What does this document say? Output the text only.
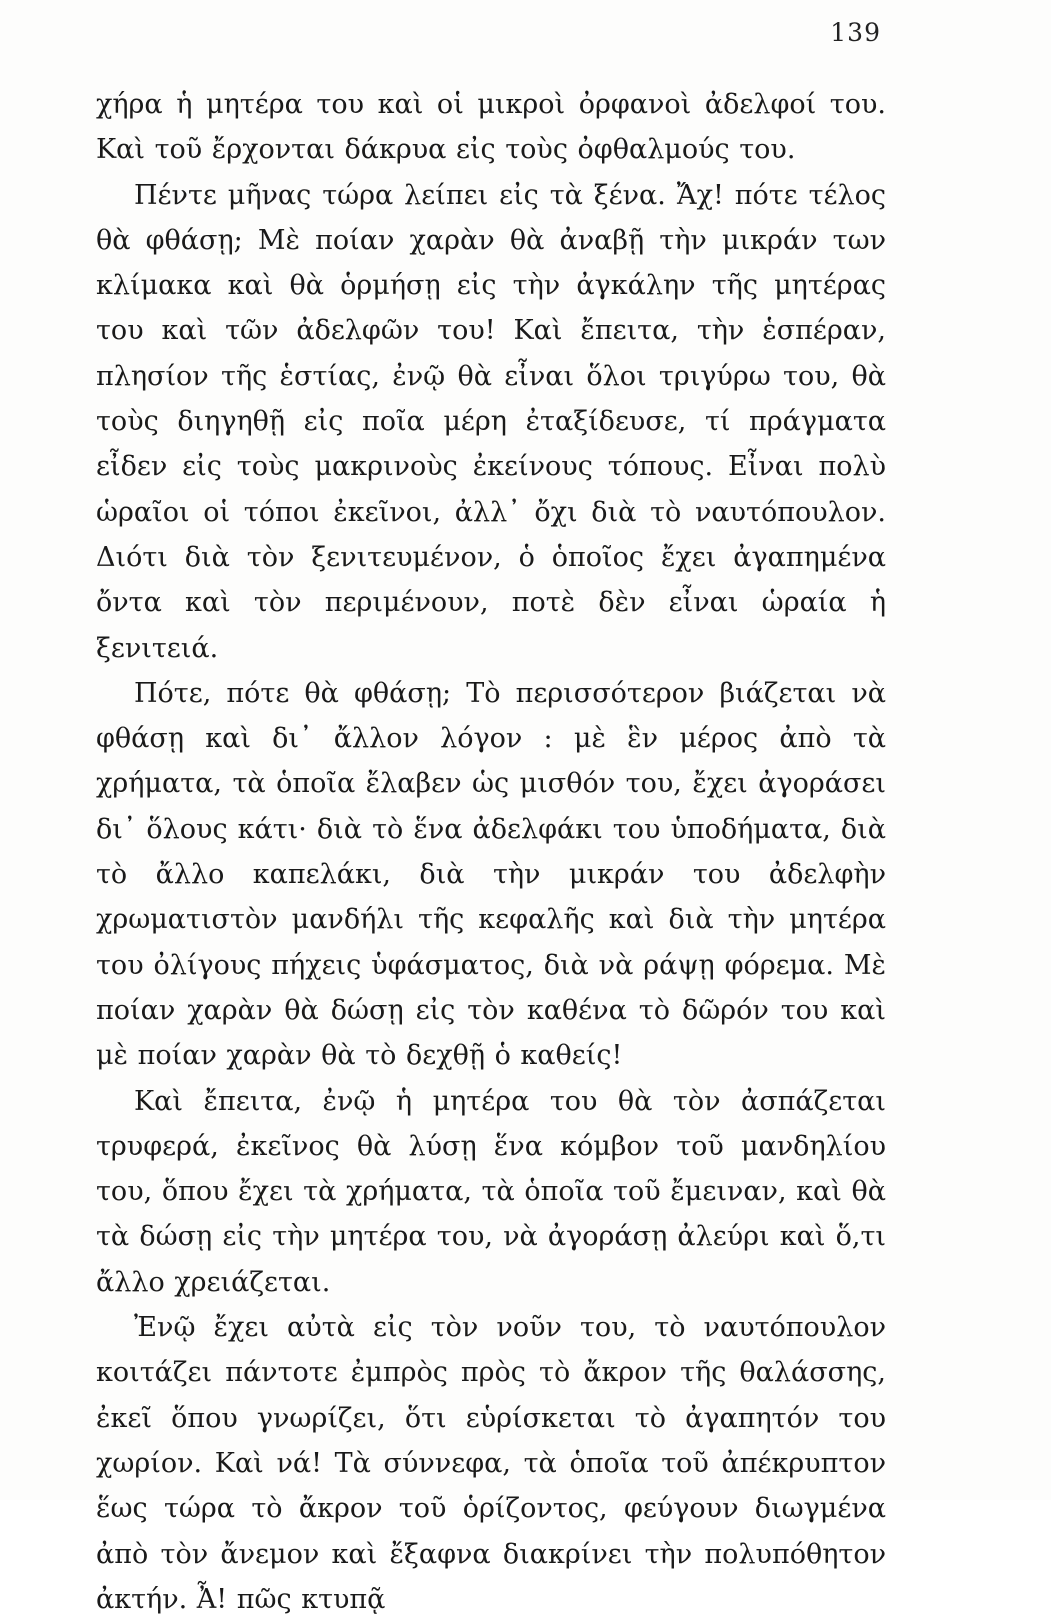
139

χήρα ἡ μητέρα του καὶ οἱ μικροὶ ὀρφανοὶ ἀδελφοί του. Καὶ τοῦ ἔρχονται δάκρυα εἰς τοὺς ὀφθαλμούς του.

Πέντε μῆνας τώρα λείπει εἰς τὰ ξένα. Ἄχ! πότε τέλος θὰ φθάσῃ; Μὲ ποίαν χαρὰν θὰ ἀναβῇ τὴν μικράν των κλίμακα καὶ θὰ ὁρμήσῃ εἰς τὴν ἀγκάλην τῆς μητέρας του καὶ τῶν ἀδελφῶν του! Καὶ ἔπειτα, τὴν ἑσπέραν, πλησίον τῆς ἑστίας, ἐνῷ θὰ εἶναι ὅλοι τριγύρω του, θὰ τοὺς διηγηθῇ εἰς ποῖα μέρη ἐταξίδευσε, τί πράγματα εἶδεν εἰς τοὺς μακρινοὺς ἐκείνους τόπους. Εἶναι πολὺ ὡραῖοι οἱ τόποι ἐκεῖνοι, ἀλλ᾽ ὄχι διὰ τὸ ναυτόπουλον. Διότι διὰ τὸν ξενιτευμένον, ὁ ὁποῖος ἔχει ἀγαπημένα ὄντα καὶ τὸν περιμένουν, ποτὲ δὲν εἶναι ὡραία ἡ ξενιτειά.

Πότε, πότε θὰ φθάσῃ; Τὸ περισσότερον βιάζεται νὰ φθάσῃ καὶ δι᾽ ἄλλον λόγον : μὲ ἓν μέρος ἀπὸ τὰ χρήματα, τὰ ὁποῖα ἔλαβεν ὡς μισθόν του, ἔχει ἀγοράσει δι᾽ ὅλους κάτι· διὰ τὸ ἕνα ἀδελφάκι του ὑποδήματα, διὰ τὸ ἄλλο καπελάκι, διὰ τὴν μικράν του ἀδελφὴν χρωματιστὸν μανδήλι τῆς κεφαλῆς καὶ διὰ τὴν μητέρα του ὀλίγους πήχεις ὑφάσματος, διὰ νὰ ράψῃ φόρεμα. Μὲ ποίαν χαρὰν θὰ δώσῃ εἰς τὸν καθένα τὸ δῶρόν του καὶ μὲ ποίαν χαρὰν θὰ τὸ δεχθῇ ὁ καθείς!

Καὶ ἔπειτα, ἐνῷ ἡ μητέρα του θὰ τὸν ἀσπάζεται τρυφερά, ἐκεῖνος θὰ λύσῃ ἕνα κόμβον τοῦ μανδηλίου του, ὅπου ἔχει τὰ χρήματα, τὰ ὁποῖα τοῦ ἔμειναν, καὶ θὰ τὰ δώσῃ εἰς τὴν μητέρα του, νὰ ἀγοράσῃ ἀλεύρι καὶ ὅ,τι ἄλλο χρειάζεται.

Ἐνῷ ἔχει αὐτὰ εἰς τὸν νοῦν του, τὸ ναυτόπουλον κοιτάζει πάντοτε ἐμπρὸς πρὸς τὸ ἄκρον τῆς θαλάσσης, ἐκεῖ ὅπου γνωρίζει, ὅτι εὑρίσκεται τὸ ἀγαπητόν του χωρίον. Καὶ νά! Τὰ σύννεφα, τὰ ὁποῖα τοῦ ἀπέκρυπτον ἕως τώρα τὸ ἄκρον τοῦ ὁρίζοντος, φεύγουν διωγμένα ἀπὸ τὸν ἄνεμον καὶ ἔξαφνα διακρίνει τὴν πολυπόθητον ἀκτήν. Ἆ! πῶς κτυπᾷ
